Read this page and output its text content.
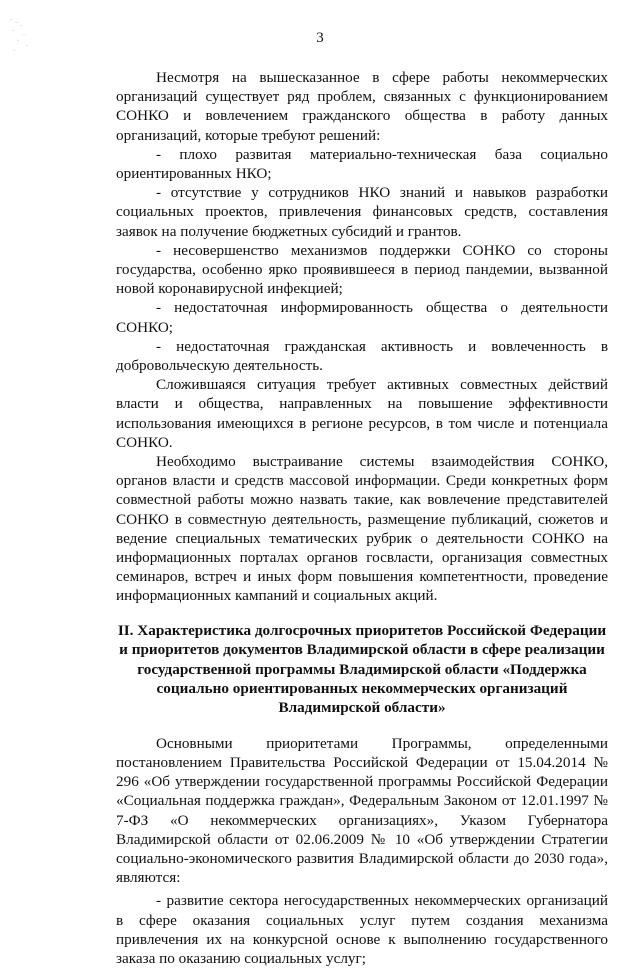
3

Несмотря на вышесказанное в сфере работы некоммерческих организаций существует ряд проблем, связанных с функционированием СОНКО и вовлечением гражданского общества в работу данных организаций, которые требуют решений:

- плохо развитая материально-техническая база социально ориентированных НКО;

- отсутствие у сотрудников НКО знаний и навыков разработки социальных проектов, привлечения финансовых средств, составления заявок на получение бюджетных субсидий и грантов.

- несовершенство механизмов поддержки СОНКО со стороны государства, особенно ярко проявившееся в период пандемии, вызванной новой коронавирусной инфекцией;

- недостаточная информированность общества о деятельности СОНКО;

- недостаточная гражданская активность и вовлеченность в добровольческую деятельность.

Сложившаяся ситуация требует активных совместных действий власти и общества, направленных на повышение эффективности использования имеющихся в регионе ресурсов, в том числе и потенциала СОНКО.

Необходимо выстраивание системы взаимодействия СОНКО, органов власти и средств массовой информации. Среди конкретных форм совместной работы можно назвать такие, как вовлечение представителей СОНКО в совместную деятельность, размещение публикаций, сюжетов и ведение специальных тематических рубрик о деятельности СОНКО на информационных порталах органов госвласти, организация совместных семинаров, встреч и иных форм повышения компетентности, проведение информационных кампаний и социальных акций.

II. Характеристика долгосрочных приоритетов Российской Федерации и приоритетов документов Владимирской области в сфере реализации государственной программы Владимирской области «Поддержка социально ориентированных некоммерческих организаций Владимирской области»

Основными приоритетами Программы, определенными постановлением Правительства Российской Федерации от 15.04.2014 № 296 «Об утверждении государственной программы Российской Федерации «Социальная поддержка граждан», Федеральным Законом от 12.01.1997 № 7-ФЗ «О некоммерческих организациях», Указом Губернатора Владимирской области от 02.06.2009 № 10 «Об утверждении Стратегии социально-экономического развития Владимирской области до 2030 года», являются:

- развитие сектора негосударственных некоммерческих организаций в сфере оказания социальных услуг путем создания механизма привлечения их на конкурсной основе к выполнению государственного заказа по оказанию социальных услуг;
